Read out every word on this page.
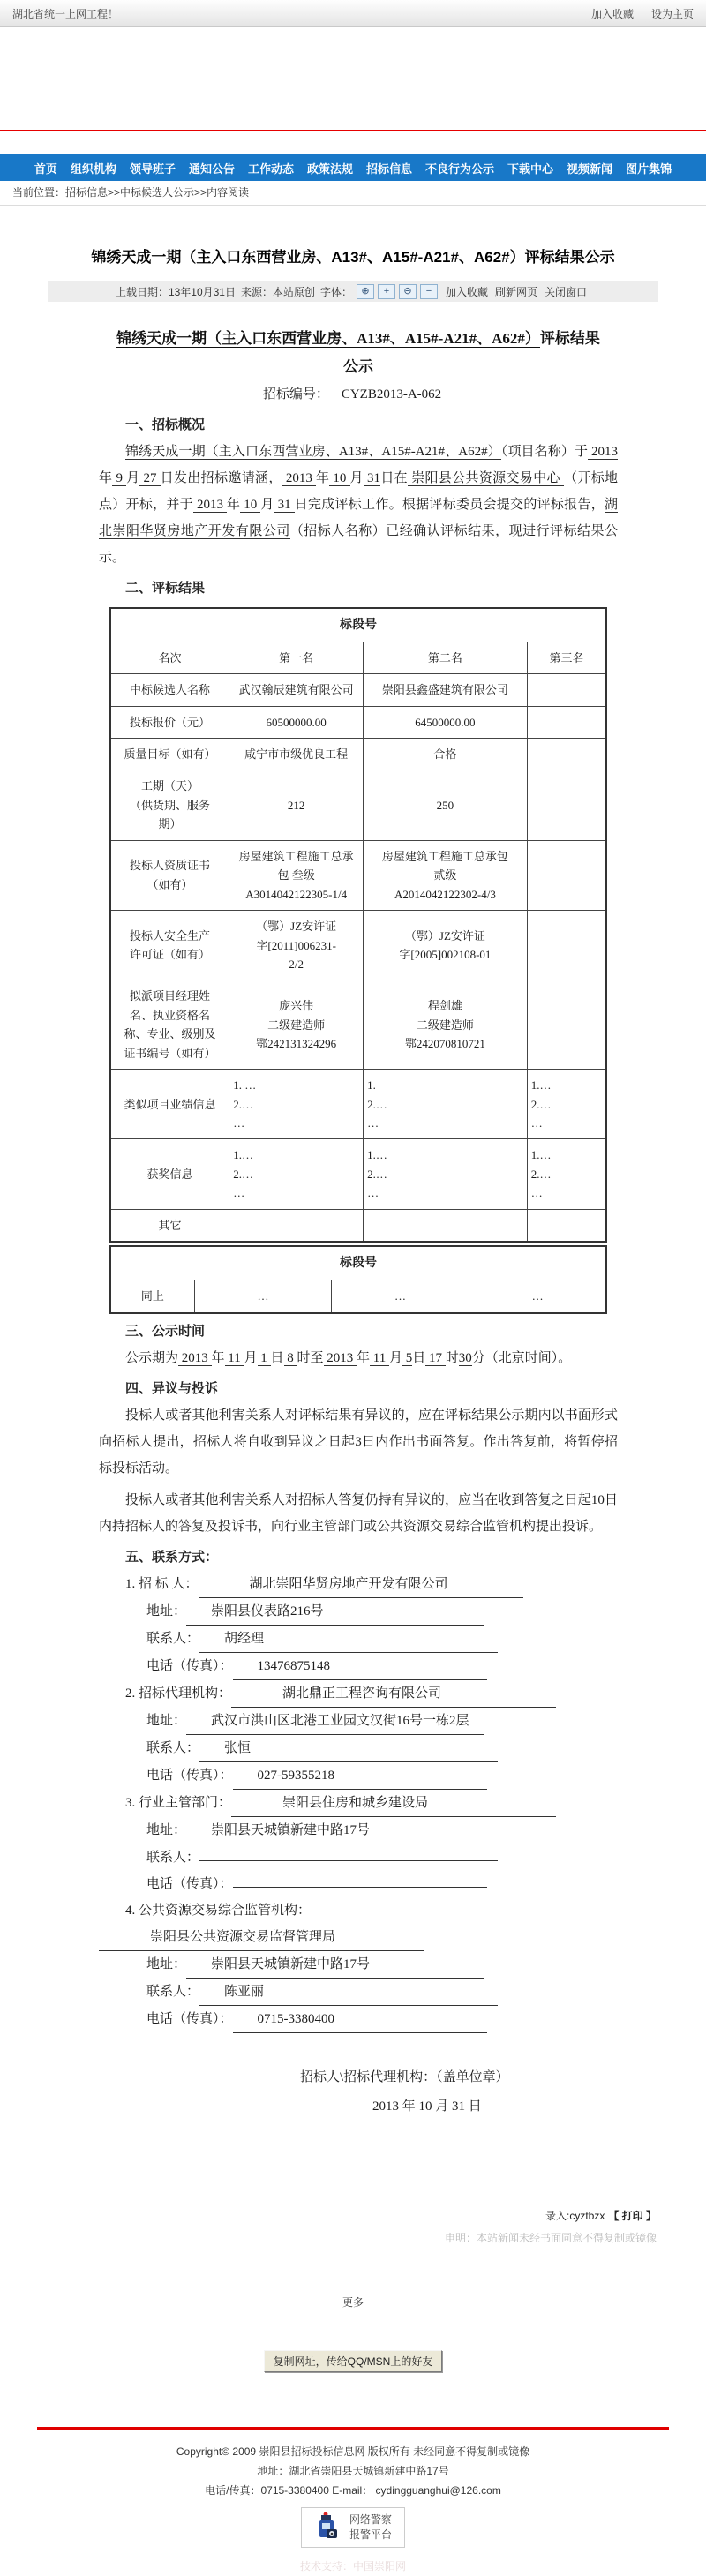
湖北省统一上网工程！	加入收藏 设为主页
首页 组织机构 领导班子 通知公告 工作动态 政策法规 招标信息 不良行为公示 下载中心 视频新闻 图片集锦
当前位置：招标信息>>中标候选人公示>>内容阅读
锦绣天成一期（主入口东西营业房、A13#、A15#-A21#、A62#）评标结果公示
上载日期：13年10月31日 来源：本站原创 字体： ⊕	+	⊖	−	加入收藏 刷新网页 关闭窗口
锦绣天成一期（主入口东西营业房、A13#、A15#-A21#、A62#）评标结果
公示
招标编号： CYZB2013-A-062
一、招标概况

锦绣天成一期（主入口东西营业房、A13#、A15#-A21#、A62#）（项目名称）于 2013 年 9 月 27 日发出招标邀请涵， 2013 年 10 月 31日在 崇阳县公共资源交易中心 （开标地点）开标，并于 2013 年 10 月 31 日完成评标工作。根据评标委员会提交的评标报告，湖北崇阳华贤房地产开发有限公司（招标人名称）已经确认评标结果，现进行评标结果公示。

二、评标结果
标段号			
名次	第一名	第二名	第三名
中标候选人名称	武汉翰辰建筑有限公司	崇阳县鑫盛建筑有限公司	
投标报价（元）	60500000.00	64500000.00	
质量目标（如有）	咸宁市市级优良工程	合格	
工期（天）
（供货期、服务
期）	212	250	
投标人资质证书
（如有）	房屋建筑工程施工总承包 叁级
A3014042122305-1/4	房屋建筑工程施工总承包
贰级
A2014042122302-4/3	
投标人安全生产
许可证（如有）	（鄂）JZ安许证
字[2011]006231-
2/2	（鄂）JZ安许证
字[2005]002108-01	
拟派项目经理姓
名、执业资格名
称、专业、级别及
证书编号（如有）	庞兴伟
二级建造师
鄂242131324296	程剑雄
二级建造师
鄂242070810721	
类似项目业绩信息	1. …
2.…
…	1.
2.…
…	1.…
2.…
…
获奖信息	1.…
2.…
…	1.…
2.…
…	1.…
2.…
…
其它			
标段号
同上	…	…	…
三、公示时间

公示期为 2013 年 11 月 1 日 8 时至 2013 年 11 月 5日 17 时30分（北京时间）。

四、异议与投诉

投标人或者其他利害关系人对评标结果有异议的，应在评标结果公示期内以书面形式向招标人提出，招标人将自收到异议之日起3日内作出书面答复。作出答复前，将暂停招标投标活动。

投标人或者其他利害关系人对招标人答复仍持有异议的，应当在收到答复之日起10日内持招标人的答复及投诉书，向行业主管部门或公共资源交易综合监管机构提出投诉。

五、联系方式：
1. 招 标 人：	湖北崇阳华贤房地产开发有限公司
地址： 崇阳县仪表路216号
联系人： 胡经理
电话（传真）： 13476875148
2. 招标代理机构：	湖北鼎正工程咨询有限公司
地址： 武汉市洪山区北港工业园文汉街16号一栋2层
联系人： 张恒
电话（传真）： 027-59355218
3. 行业主管部门：	崇阳县住房和城乡建设局
地址： 崇阳县天城镇新建中路17号
联系人：
电话（传真）：
4. 公共资源交易综合监管机构：崇阳县公共资源交易监督管理局
地址： 崇阳县天城镇新建中路17号
联系人： 陈亚丽
电话（传真）： 0715-3380400
招标人\招标代理机构：（盖单位章）
2013 年 10 月 31 日
录入:cyztbzx 【 打印 】
申明：本站新闻未经书面同意不得复制或镜像
更多
复制网址，传给QQ/MSN上的好友
Copyright© 2009 崇阳县招标投标信息网 版权所有 未经同意不得复制或镜像
地址：湖北省崇阳县天城镇新建中路17号
电话/传真：0715-3380400 E-mail： cydingguanghui@126.com
网络警察
报警平台
技术支持：中国崇阳网
